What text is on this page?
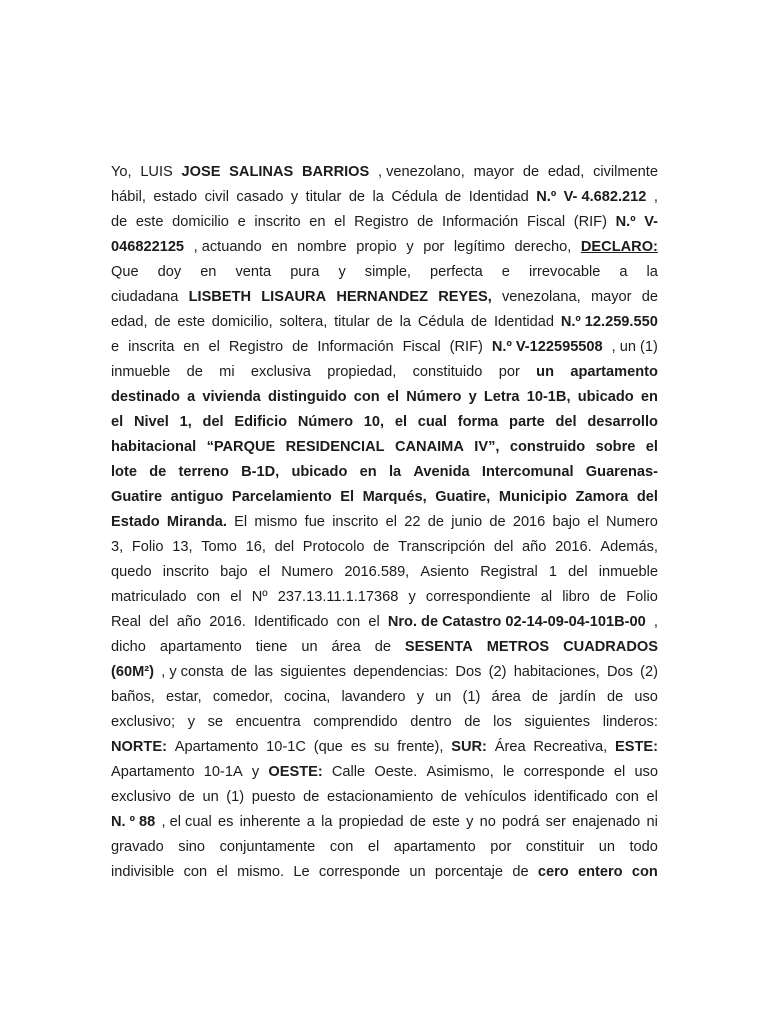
Yo, LUIS JOSE SALINAS BARRIOS , venezolano, mayor de edad, civilmente
hábil, estado civil casado y titular de la Cédula de Identidad N.º V- 4.682.212 ,
de este domicilio e inscrito en el Registro de Información Fiscal (RIF) N.º V-
046822125 , actuando en nombre propio y por legítimo derecho, DECLARO:
Que doy en venta pura y simple, perfecta e irrevocable a la
ciudadana LISBETH LISAURA HERNANDEZ REYES, venezolana, mayor de
edad, de este domicilio, soltera, titular de la Cédula de Identidad N.º 12.259.550
e inscrita en el Registro de Información Fiscal (RIF) N.º V-122595508 , un (1)
inmueble de mi exclusiva propiedad, constituido por un apartamento
destinado a vivienda distinguido con el Número y Letra 10-1B, ubicado en
el Nivel 1, del Edificio Número 10, el cual forma parte del desarrollo
habitacional “PARQUE RESIDENCIAL CANAIMA IV”, construido sobre el
lote de terreno B-1D, ubicado en la Avenida Intercomunal Guarenas-
Guatire antiguo Parcelamiento El Marqués, Guatire, Municipio Zamora del
Estado Miranda. El mismo fue inscrito el 22 de junio de 2016 bajo el Numero
3, Folio 13, Tomo 16, del Protocolo de Transcripción del año 2016. Además,
quedo inscrito bajo el Numero 2016.589, Asiento Registral 1 del inmueble
matriculado con el Nº 237.13.11.1.17368 y correspondiente al libro de Folio
Real del año 2016. Identificado con el Nro. de Catastro 02-14-09-04-101B-00 ,
dicho apartamento tiene un área de SESENTA METROS CUADRADOS
(60M²) , y consta de las siguientes dependencias: Dos (2) habitaciones, Dos (2)
baños, estar, comedor, cocina, lavandero y un (1) área de jardín de uso
exclusivo; y se encuentra comprendido dentro de los siguientes linderos:
NORTE: Apartamento 10-1C (que es su frente), SUR: Área Recreativa, ESTE:
Apartamento 10-1A y OESTE: Calle Oeste. Asimismo, le corresponde el uso
exclusivo de un (1) puesto de estacionamiento de vehículos identificado con el
N. º 88 , el cual es inherente a la propiedad de este y no podrá ser enajenado ni
gravado sino conjuntamente con el apartamento por constituir un todo
indivisible con el mismo. Le corresponde un porcentaje de cero entero con
